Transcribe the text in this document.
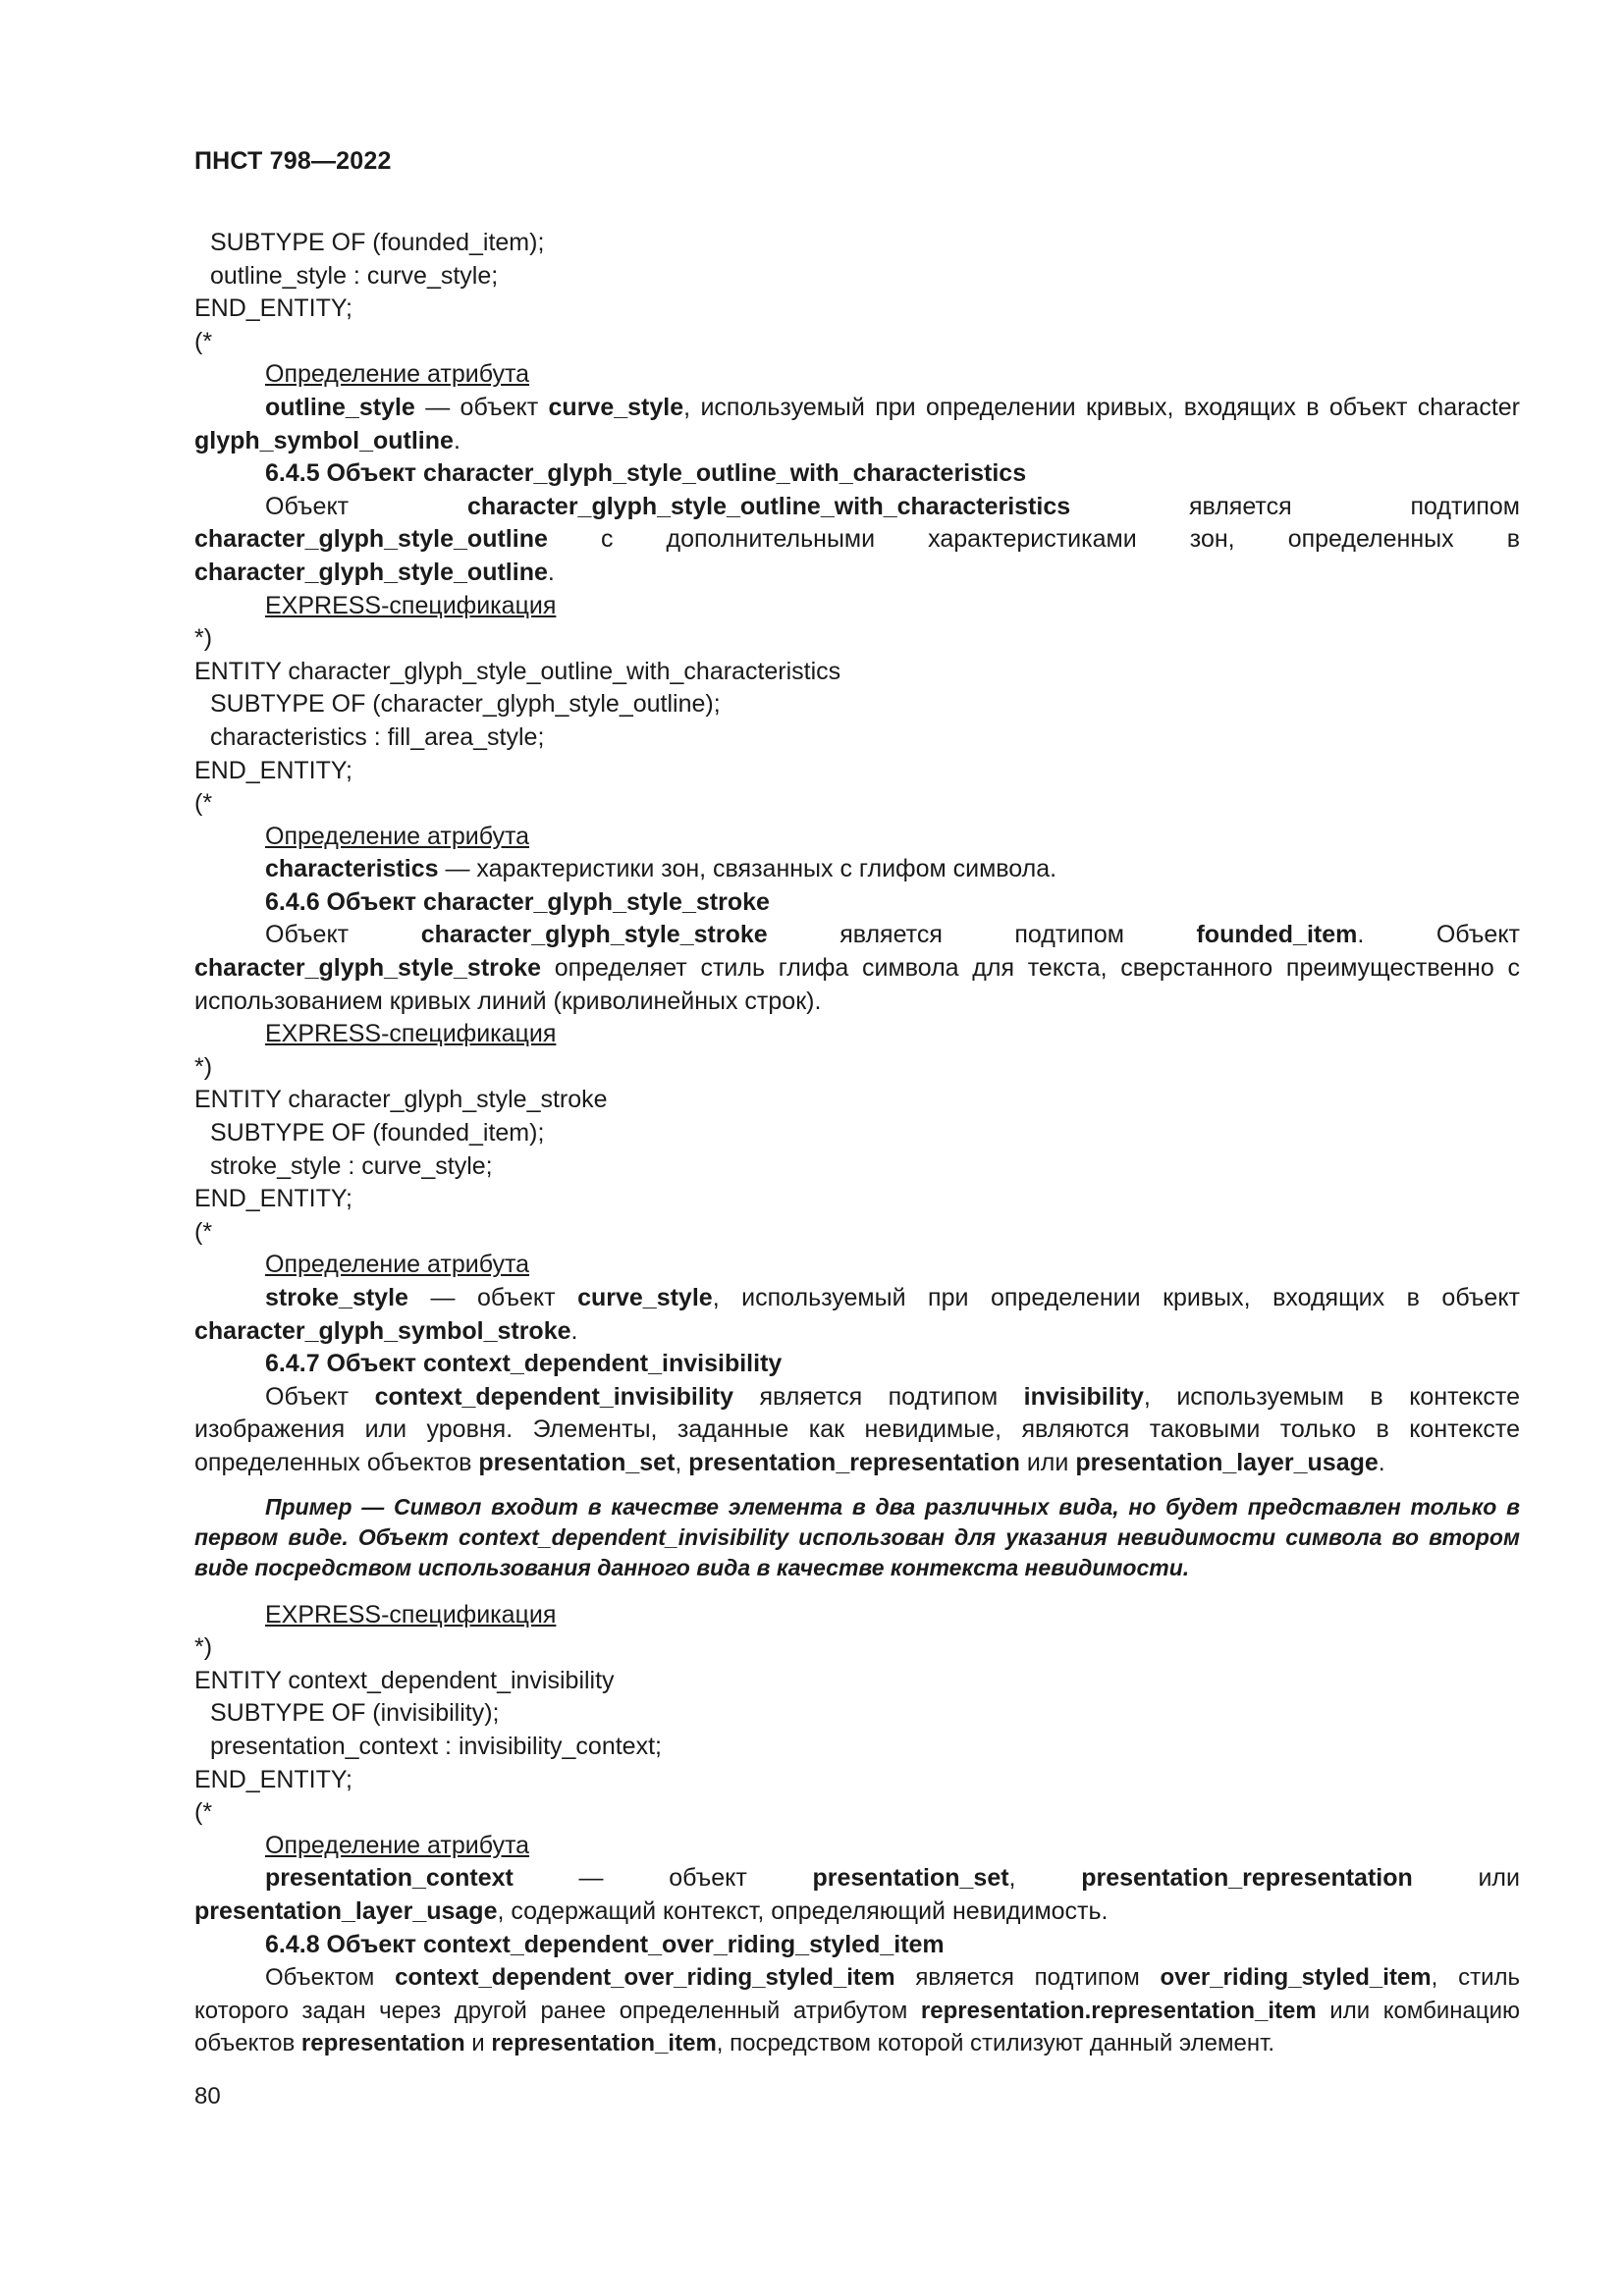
ПНСТ 798—2022

SUBTYPE OF (founded_item);

outline_style : curve_style;

END_ENTITY;

(*

Определение атрибута

outline_style — объект curve_style, используемый при определении кривых, входящих в объект character glyph_symbol_outline.

6.4.5 Объект character_glyph_style_outline_with_characteristics

Объект character_glyph_style_outline_with_characteristics является подтипом character_glyph_style_outline с дополнительными характеристиками зон, определенных в character_glyph_style_outline.

EXPRESS-спецификация

*)

ENTITY character_glyph_style_outline_with_characteristics

SUBTYPE OF (character_glyph_style_outline);

characteristics : fill_area_style;

END_ENTITY;

(*

Определение атрибута

characteristics — характеристики зон, связанных с глифом символа.

6.4.6 Объект character_glyph_style_stroke

Объект character_glyph_style_stroke является подтипом founded_item. Объект character_glyph_style_stroke определяет стиль глифа символа для текста, сверстанного преимущественно с использованием кривых линий (криволинейных строк).

EXPRESS-спецификация

*)

ENTITY character_glyph_style_stroke

SUBTYPE OF (founded_item);

stroke_style : curve_style;

END_ENTITY;

(*

Определение атрибута

stroke_style — объект curve_style, используемый при определении кривых, входящих в объект character_glyph_symbol_stroke.

6.4.7 Объект context_dependent_invisibility

Объект context_dependent_invisibility является подтипом invisibility, используемым в контексте изображения или уровня. Элементы, заданные как невидимые, являются таковыми только в контексте определенных объектов presentation_set, presentation_representation или presentation_layer_usage.

Пример — Символ входит в качестве элемента в два различных вида, но будет представлен только в первом виде. Объект context_dependent_invisibility использован для указания невидимости символа во втором виде посредством использования данного вида в качестве контекста невидимости.

EXPRESS-спецификация

*)

ENTITY context_dependent_invisibility

SUBTYPE OF (invisibility);

presentation_context : invisibility_context;

END_ENTITY;

(*

Определение атрибута

presentation_context — объект presentation_set, presentation_representation или presentation_layer_usage, содержащий контекст, определяющий невидимость.

6.4.8 Объект context_dependent_over_riding_styled_item

Объектом context_dependent_over_riding_styled_item является подтипом over_riding_styled_item, стиль которого задан через другой ранее определенный атрибутом representation.representation_item или комбинацию объектов representation и representation_item, посредством которой стилизуют данный элемент.

80
